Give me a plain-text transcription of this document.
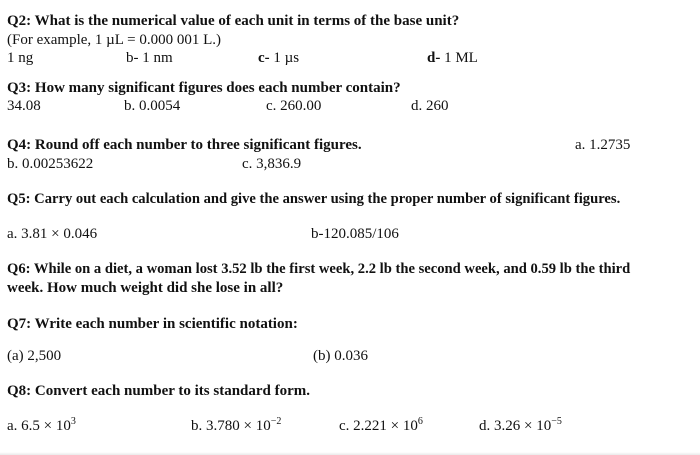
Q2: What is the numerical value of each unit in terms of the base unit?
(For example, 1 µL = 0.000 001 L.)
1 ng	b- 1 nm	c- 1 µs	d- 1 ML
Q3: How many significant figures does each number contain?
34.08	b. 0.0054	c. 260.00	d. 260
Q4: Round off each number to three significant figures.	a. 1.2735
b. 0.00253622	c. 3,836.9
Q5: Carry out each calculation and give the answer using the proper number of significant figures.
a. 3.81 × 0.046	b-120.085/106
Q6: While on a diet, a woman lost 3.52 lb the first week, 2.2 lb the second week, and 0.59 lb the third
week. How much weight did she lose in all?
Q7: Write each number in scientific notation:
(a) 2,500	(b) 0.036
Q8: Convert each number to its standard form.
a. $6.5 \times 10^3$	b. $3.780 \times 10^{-2}$	c. $2.221 \times 10^6$	d. $3.26 \times 10^{-5}$
